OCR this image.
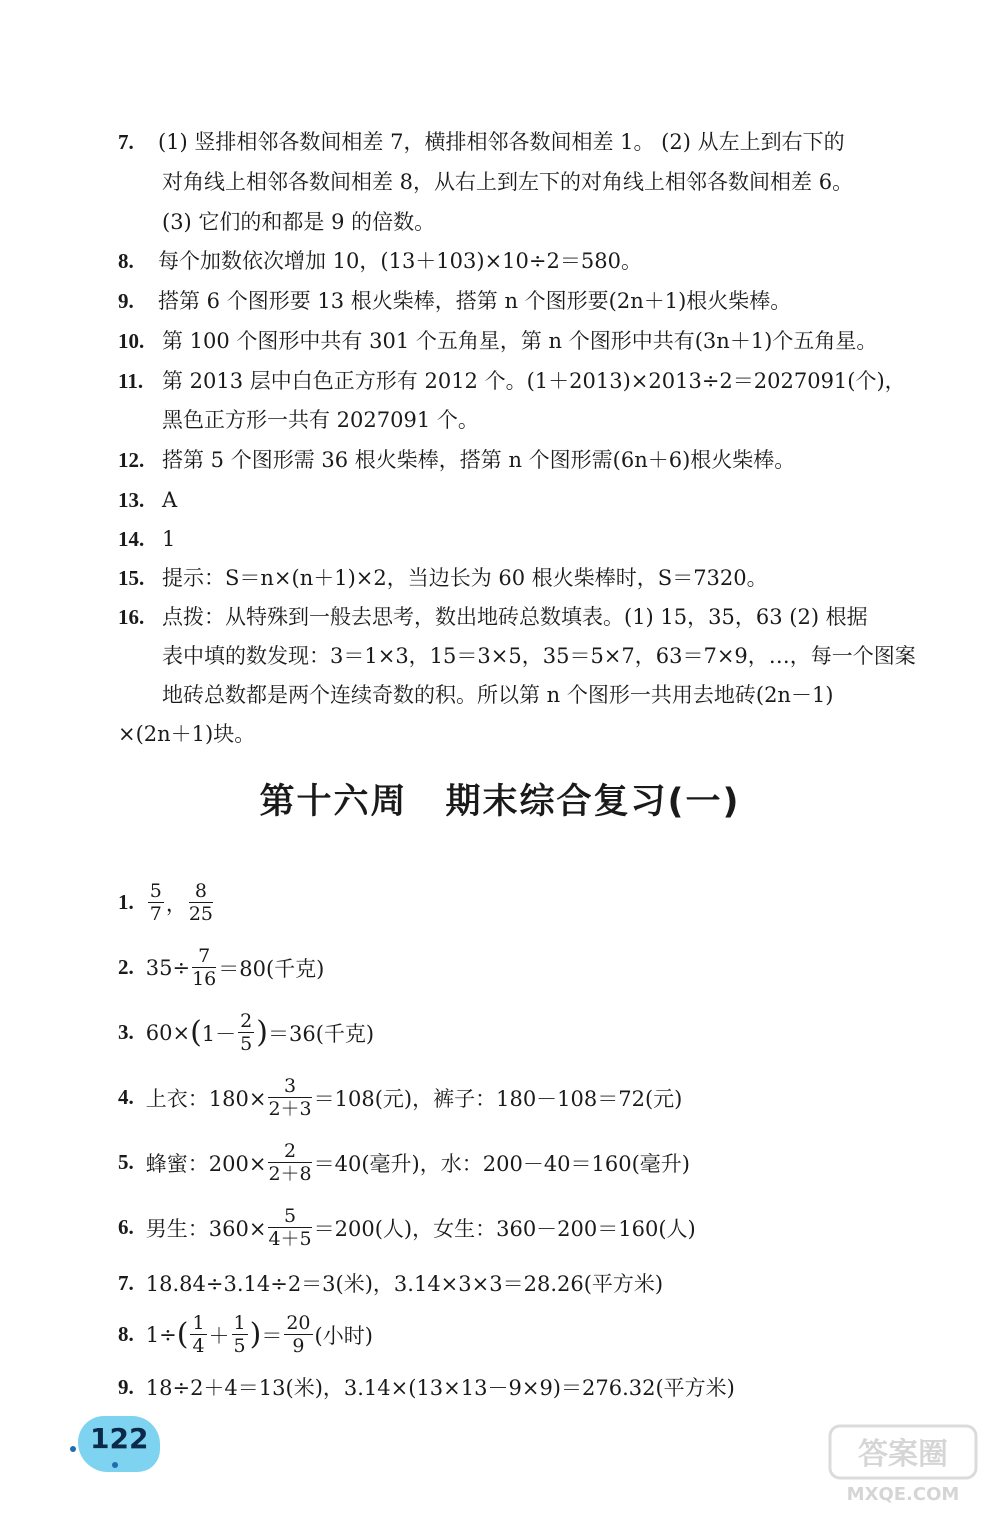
7. (1) 竖排相邻各数间相差 7，横排相邻各数间相差 1。 (2) 从左上到右下的
对角线上相邻各数间相差 8，从右上到左下的对角线上相邻各数间相差 6。
(3) 它们的和都是 9 的倍数。
8. 每个加数依次增加 10，(13＋103)×10÷2＝580。
9. 搭第 6 个图形要 13 根火柴棒，搭第 n 个图形要(2n＋1)根火柴棒。
10. 第 100 个图形中共有 301 个五角星，第 n 个图形中共有(3n＋1)个五角星。
11. 第 2013 层中白色正方形有 2012 个。(1＋2013)×2013÷2＝2027091(个)，
黑色正方形一共有 2027091 个。
12. 搭第 5 个图形需 36 根火柴棒，搭第 n 个图形需(6n＋6)根火柴棒。
13. A
14. 1
15. 提示：S＝n×(n＋1)×2，当边长为 60 根火柴棒时，S＝7320。
16. 点拨：从特殊到一般去思考，数出地砖总数填表。(1) 15，35，63 (2) 根据
表中填的数发现：3＝1×3，15＝3×5，35＝5×7，63＝7×9，…，每一个图案
地砖总数都是两个连续奇数的积。所以第 n 个图形一共用去地砖(2n－1)
×(2n＋1)块。
第十六周 期末综合复习(一)
1. $\frac{5}{7}$ ， $\frac{8}{25}$
2. $35\div \frac{7}{16} =80$(千克)
3. 60× ( $1- \frac{2}{5}$ ) ＝36(千克)
4. 上衣：$180\times \frac{3}{2+3} =108$(元)，裤子：180－108＝72(元)
5. 蜂蜜：$200\times \frac{2}{2+8} =40$(毫升)，水：200－40＝160(毫升)
6. 男生：$360\times \frac{5}{4+5} =200$(人)，女生：360－200＝160(人)
7. 18.84÷3.14÷2＝3(米)，3.14×3×3＝28.26(平方米)
8. 1÷ ( $\frac{1}{4} + \frac{1}{5}$ ) ＝ $\frac{20}{9}$ (小时)
9. 18÷2＋4＝13(米)，3.14×(13×13－9×9)＝276.32(平方米)
122	答案圈
MXQE.COM
